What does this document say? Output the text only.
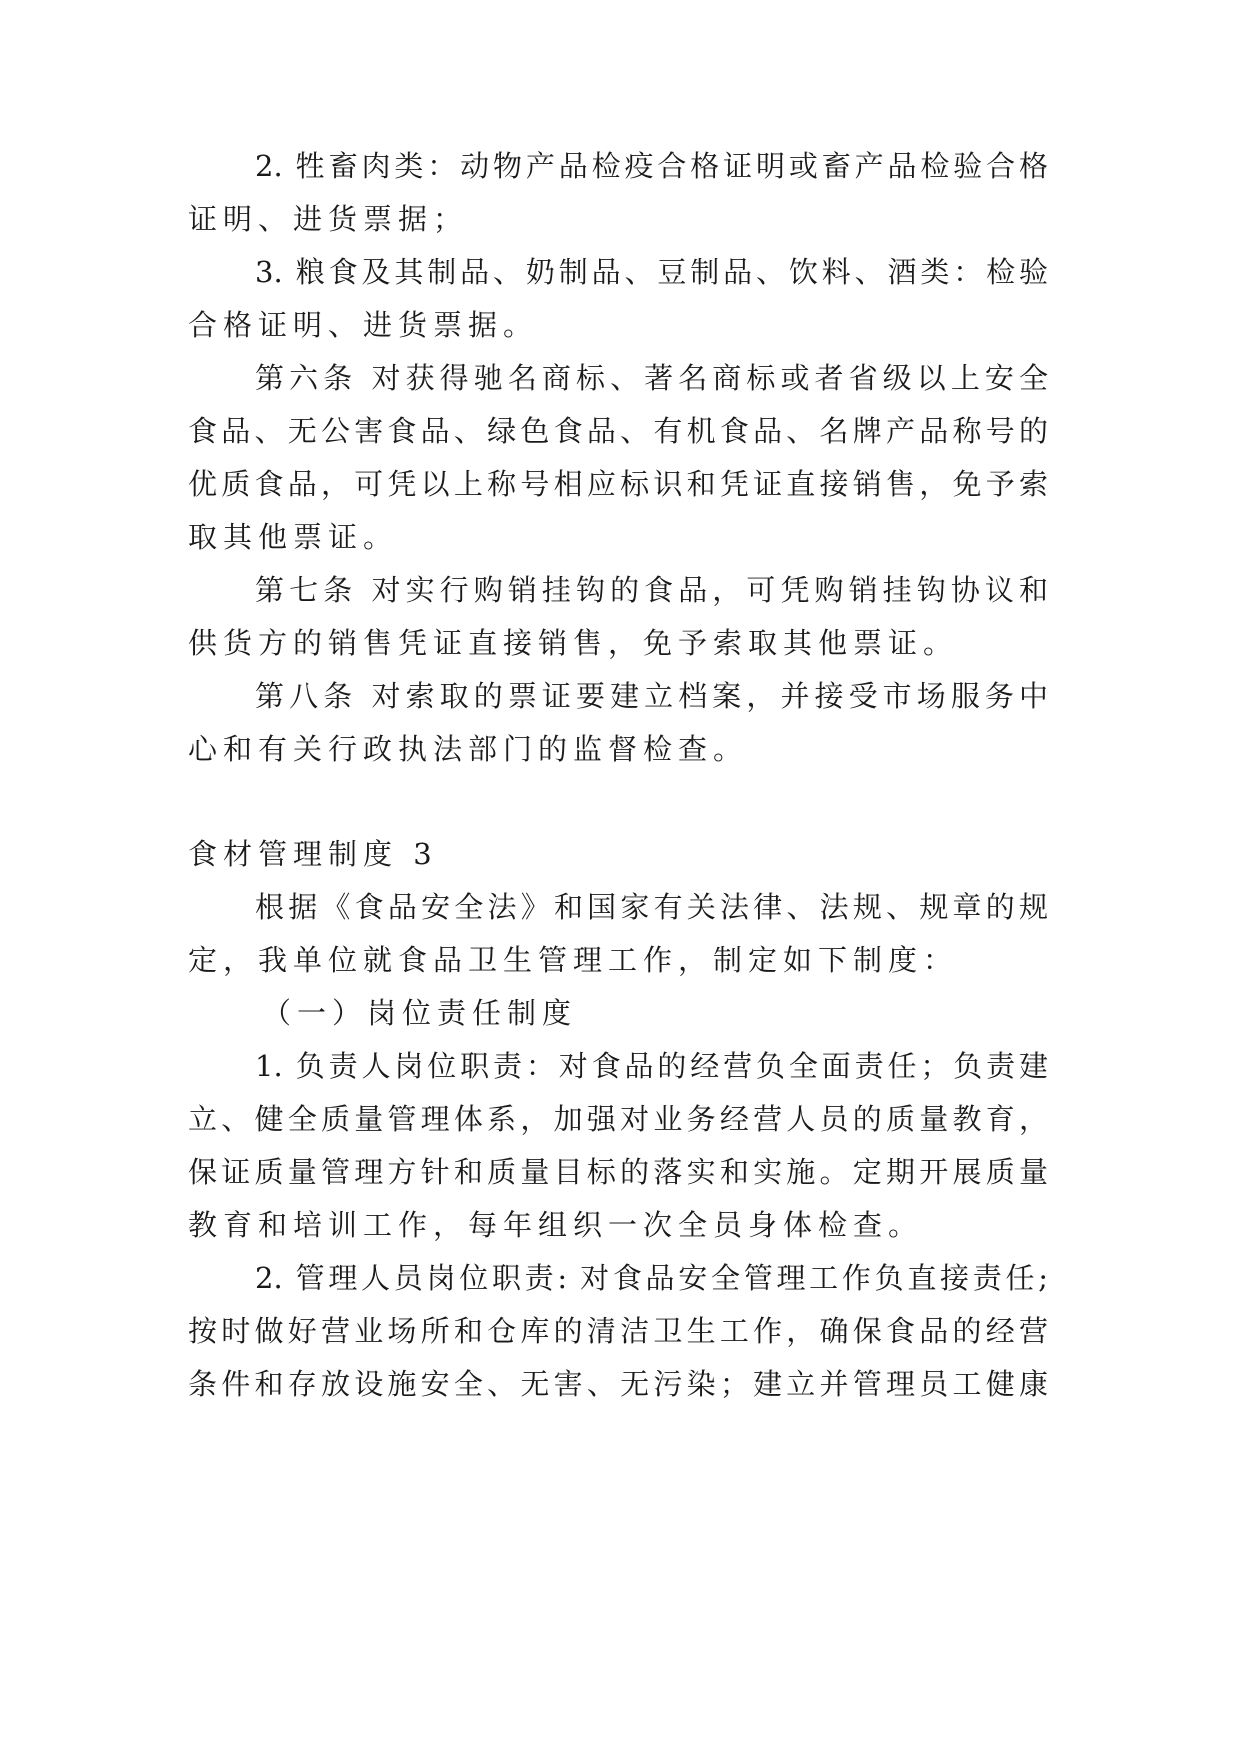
2. 牲畜肉类：动物产品检疫合格证明或畜产品检验合格
证明、进货票据；
3. 粮食及其制品、奶制品、豆制品、饮料、酒类：检验
合格证明、进货票据。
第六条 对获得驰名商标、著名商标或者省级以上安全
食品、无公害食品、绿色食品、有机食品、名牌产品称号的
优质食品，可凭以上称号相应标识和凭证直接销售，免予索
取其他票证。
第七条 对实行购销挂钩的食品，可凭购销挂钩协议和
供货方的销售凭证直接销售，免予索取其他票证。
第八条 对索取的票证要建立档案，并接受市场服务中
心和有关行政执法部门的监督检查。
食材管理制度 3
根据《食品安全法》和国家有关法律、法规、规章的规
定，我单位就食品卫生管理工作，制定如下制度：
（一）岗位责任制度
1. 负责人岗位职责：对食品的经营负全面责任；负责建
立、健全质量管理体系，加强对业务经营人员的质量教育，
保证质量管理方针和质量目标的落实和实施。定期开展质量
教育和培训工作，每年组织一次全员身体检查。
2. 管理人员岗位职责: 对食品安全管理工作负直接责任;
按时做好营业场所和仓库的清洁卫生工作，确保食品的经营
条件和存放设施安全、无害、无污染；建立并管理员工健康
